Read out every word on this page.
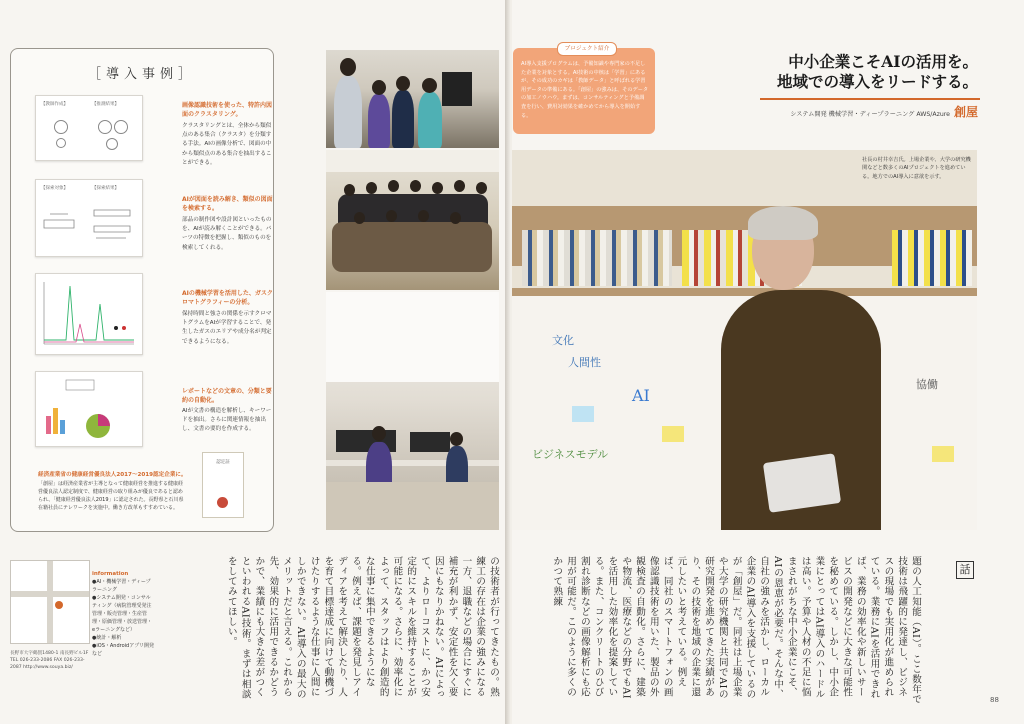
［導入事例］
【教師作成】	【推測結果】	画像認識技術を使った、特許内図面のクラスタリング。
クラスタリングとは、全体から類似点のある集合（クラスタ）を分類する手法。AIの画像分析で、図面の中から類似点のある集合を抽出することができる。
【探索対象】	【探索結果】
AIが図面を読み解き、類似の図面を検索する。
部品の制作図や設計図といったものを、AIが読み解くことができる。パーツの特徴を把握し、類似のものを検索してくれる。
AIの機械学習を活用した、ガスクロマトグラフィーの分析。
保持時間と強さの関係を示すクロマトグラムをAIが学習することで、発生したガスのエリアや成分名が判定できるようになる。
レポートなどの文章の、分類と要約の自動化。
AIが文書の構造を解析し、キーワードを抽出。さらに関連情報を抽出し、文書の要約を作成する。
経済産業省の健康経営優良法人2017～2019認定企業に。
「創屋」は経済産業省が主導となって健康経営を推進する健康経営優良法人認定制度で、健康経営の取り組みが優良であると認められ、「健康経営優良法人2019」に認定された。長野県と石川県在籍社員にテレワークを実施中。働き方改革もすすめている。
認定証
information
●AI・機械学習・ディープラーニング
●システム開発・コンサルティング（病院管理受発注管理・販売管理・生産管理・原価管理・放送管理・eラーニングなど）
●統計・解析
●iOS・Androidアプリ開発など
長野市大字鶴賀1480-1 南長野ビル1F TEL 026-233-2086 FAX 026-233-2087 http://www.souya.biz/	の技術者が行ってきたもの。熟練工の存在は企業の強みになる一方、退職などの場合にすぐに補充が利かず、安定性を欠く要因にもなりかねない。AIによって、よりローコストに、かつ安定的にスキルを維持することが可能になる。さらに、効率化によって、スタッフはより創造的な仕事に集中できるようになる。例えば、課題を発見しアイディアを考えて解決したり、人を育て目標達成に向けて動機づけたりするような仕事に人間にしかできない。AI導入の最大のメリットだと言える。これから先、効果的に活用できるかどうかで、業績にも大きな差がつくといわれるAI技術。まずは相談をしてみてほしい。
プロジェクト紹介
AI導入支援プログラムは、予備知識や専門家の不足した企業を対象とする。AI技術の中核は「学習」にあるが、その成功のカギは「教師データ」と呼ばれる学習用データの準備にある。「創屋」の強みは、そのデータの加工ノウハウ。まずは、コンサルティングと予備調査を行い、費用対効果を確かめてから導入を開始する。
中小企業こそAIの活用を。
地域での導入をリードする。
システム開発 機械学習・ディープラーニング AWS/Azure 創屋
文化
人間性
AI
ビジネスモデル
協働
社長の村井幸吉氏。上場企業や、大学の研究機関などと数多くのAIプロジェクトを進めている。地方でのAI導入に意欲を示す。
話
題の人工知能（AI）。ここ数年で技術は飛躍的に発達し、ビジネスの現場でも実用化が進められている。業務にAIを活用できれば、業務の効率化や新しいサービスの開発などに大きな可能性を秘めている。しかし、中小企業にとってはAI導入のハードルは高い。予算や人材の不足に悩まされがちな中小企業にこそ、AIの恩恵が必要だ。そんな中、自社の強みを活かし、ローカル企業のAI導入を支援しているのが「創屋」だ。同社は上場企業や大学の研究機関と共同でAIの研究開発を進めてきた実績があり、その技術を地域の企業に還元したいと考えている。例えば、同社のスマートフォンの画像認識技術を用いた、製品の外観検査の自動化。さらに、建築や物流、医療などの分野でもAIを活用した効率化を提案している。また、コンクリートのひび割れ診断などの画像解析にも応用が可能だ。このように多くのかつて熟練
88
